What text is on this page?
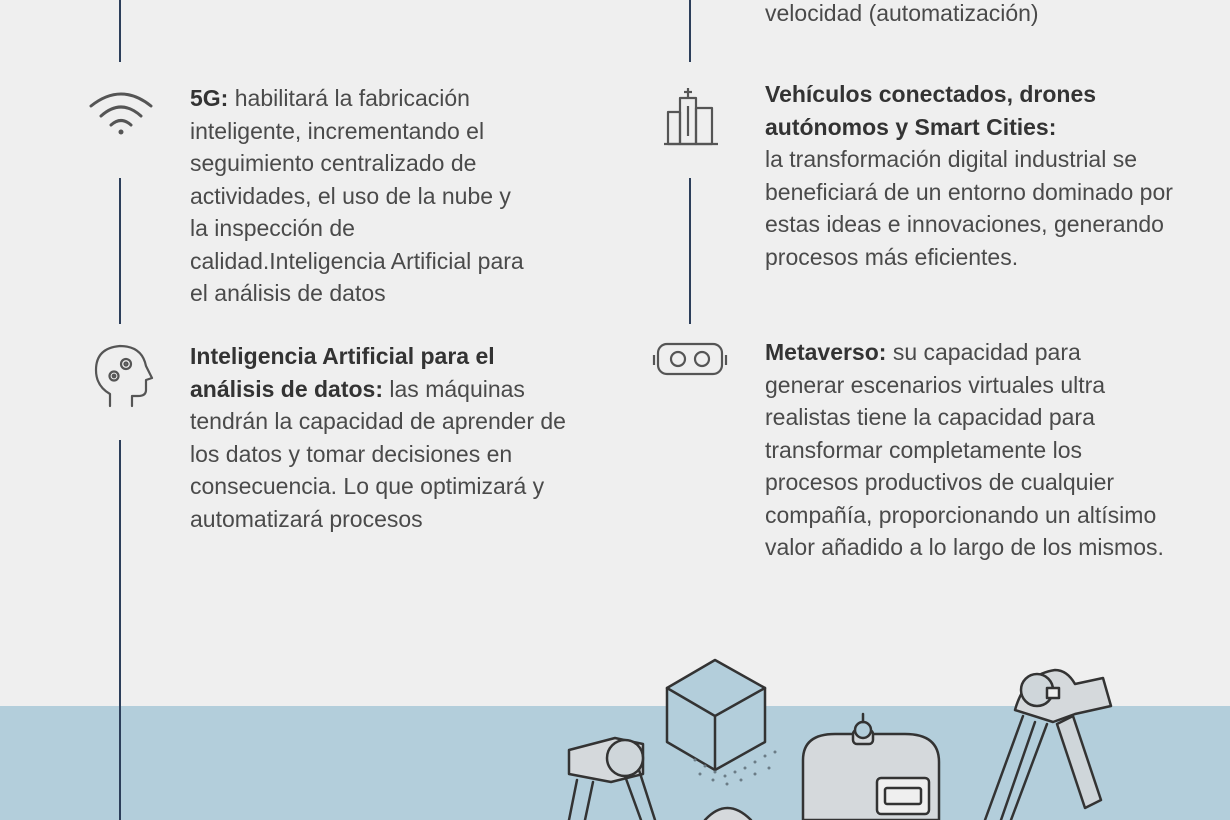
5G: habilitará la fabricación inteligente, incrementando el seguimiento centralizado de actividades, el uso de la nube y la inspección de calidad.Inteligencia Artificial para el análisis de datos

Inteligencia Artificial para el análisis de datos: las máquinas tendrán la capacidad de aprender de los datos y tomar decisiones en consecuencia. Lo que optimizará y automatizará procesos

velocidad (automatización)

Vehículos conectados, drones autónomos y Smart Cities:
la transformación digital industrial se beneficiará de un entorno dominado por estas ideas e innovaciones, generando procesos más eficientes.

Metaverso: su capacidad para generar escenarios virtuales ultra realistas tiene la capacidad para transformar completamente los procesos productivos de cualquier compañía, proporcionando un altísimo valor añadido a lo largo de los mismos.
